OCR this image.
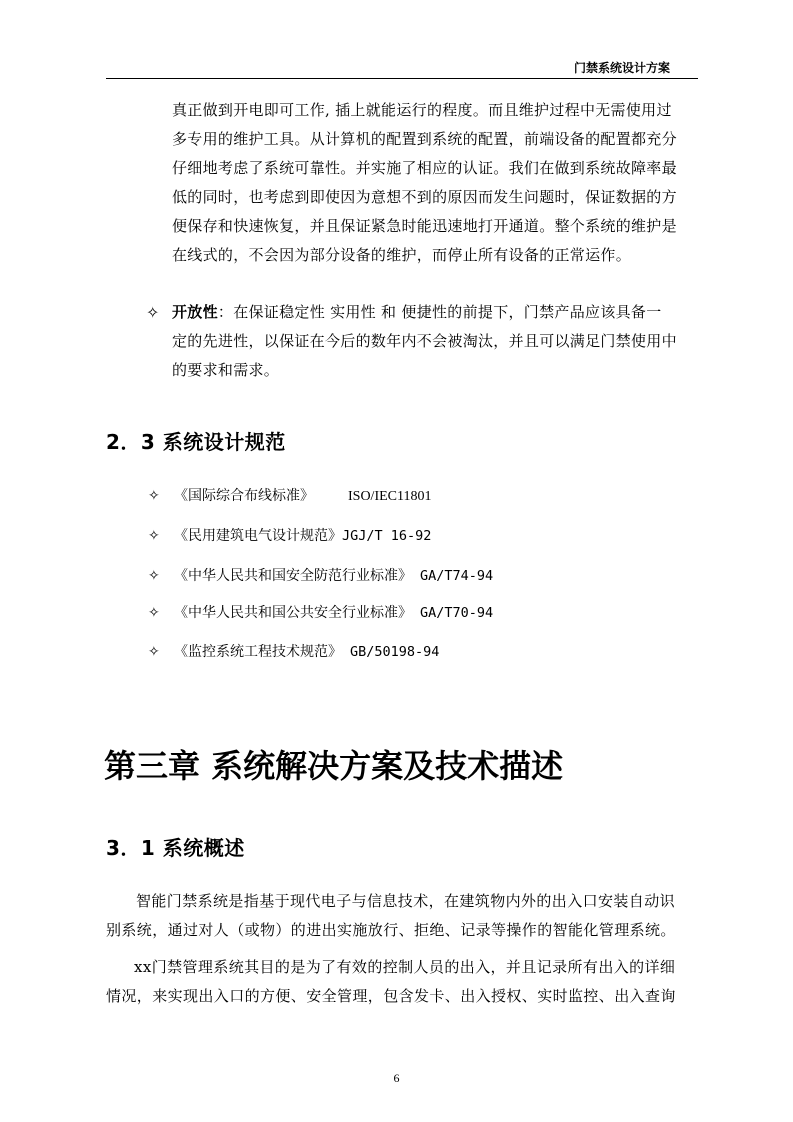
门禁系统设计方案
真正做到开电即可工作, 插上就能运行的程度。而且维护过程中无需使用过
多专用的维护工具。从计算机的配置到系统的配置，前端设备的配置都充分
仔细地考虑了系统可靠性。并实施了相应的认证。我们在做到系统故障率最
低的同时，也考虑到即使因为意想不到的原因而发生问题时，保证数据的方
便保存和快速恢复，并且保证紧急时能迅速地打开通道。整个系统的维护是
在线式的，不会因为部分设备的维护，而停止所有设备的正常运作。
✧ 开放性：在保证稳定性 实用性 和 便捷性的前提下，门禁产品应该具备一
定的先进性，以保证在今后的数年内不会被淘汰，并且可以满足门禁使用中
的要求和需求。
2．3 系统设计规范
✧ 《国际综合布线标准》 ISO/IEC11801
✧ 《民用建筑电气设计规范》JGJ/T 16-92
✧ 《中华人民共和国安全防范行业标准》 GA/T74-94
✧ 《中华人民共和国公共安全行业标准》 GA/T70-94
✧ 《监控系统工程技术规范》 GB/50198-94
第三章 系统解决方案及技术描述
3．1 系统概述
智能门禁系统是指基于现代电子与信息技术，在建筑物内外的出入口安装自动识
别系统，通过对人（或物）的进出实施放行、拒绝、记录等操作的智能化管理系统。
xx门禁管理系统其目的是为了有效的控制人员的出入，并且记录所有出入的详细
情况，来实现出入口的方便、安全管理，包含发卡、出入授权、实时监控、出入查询
6
